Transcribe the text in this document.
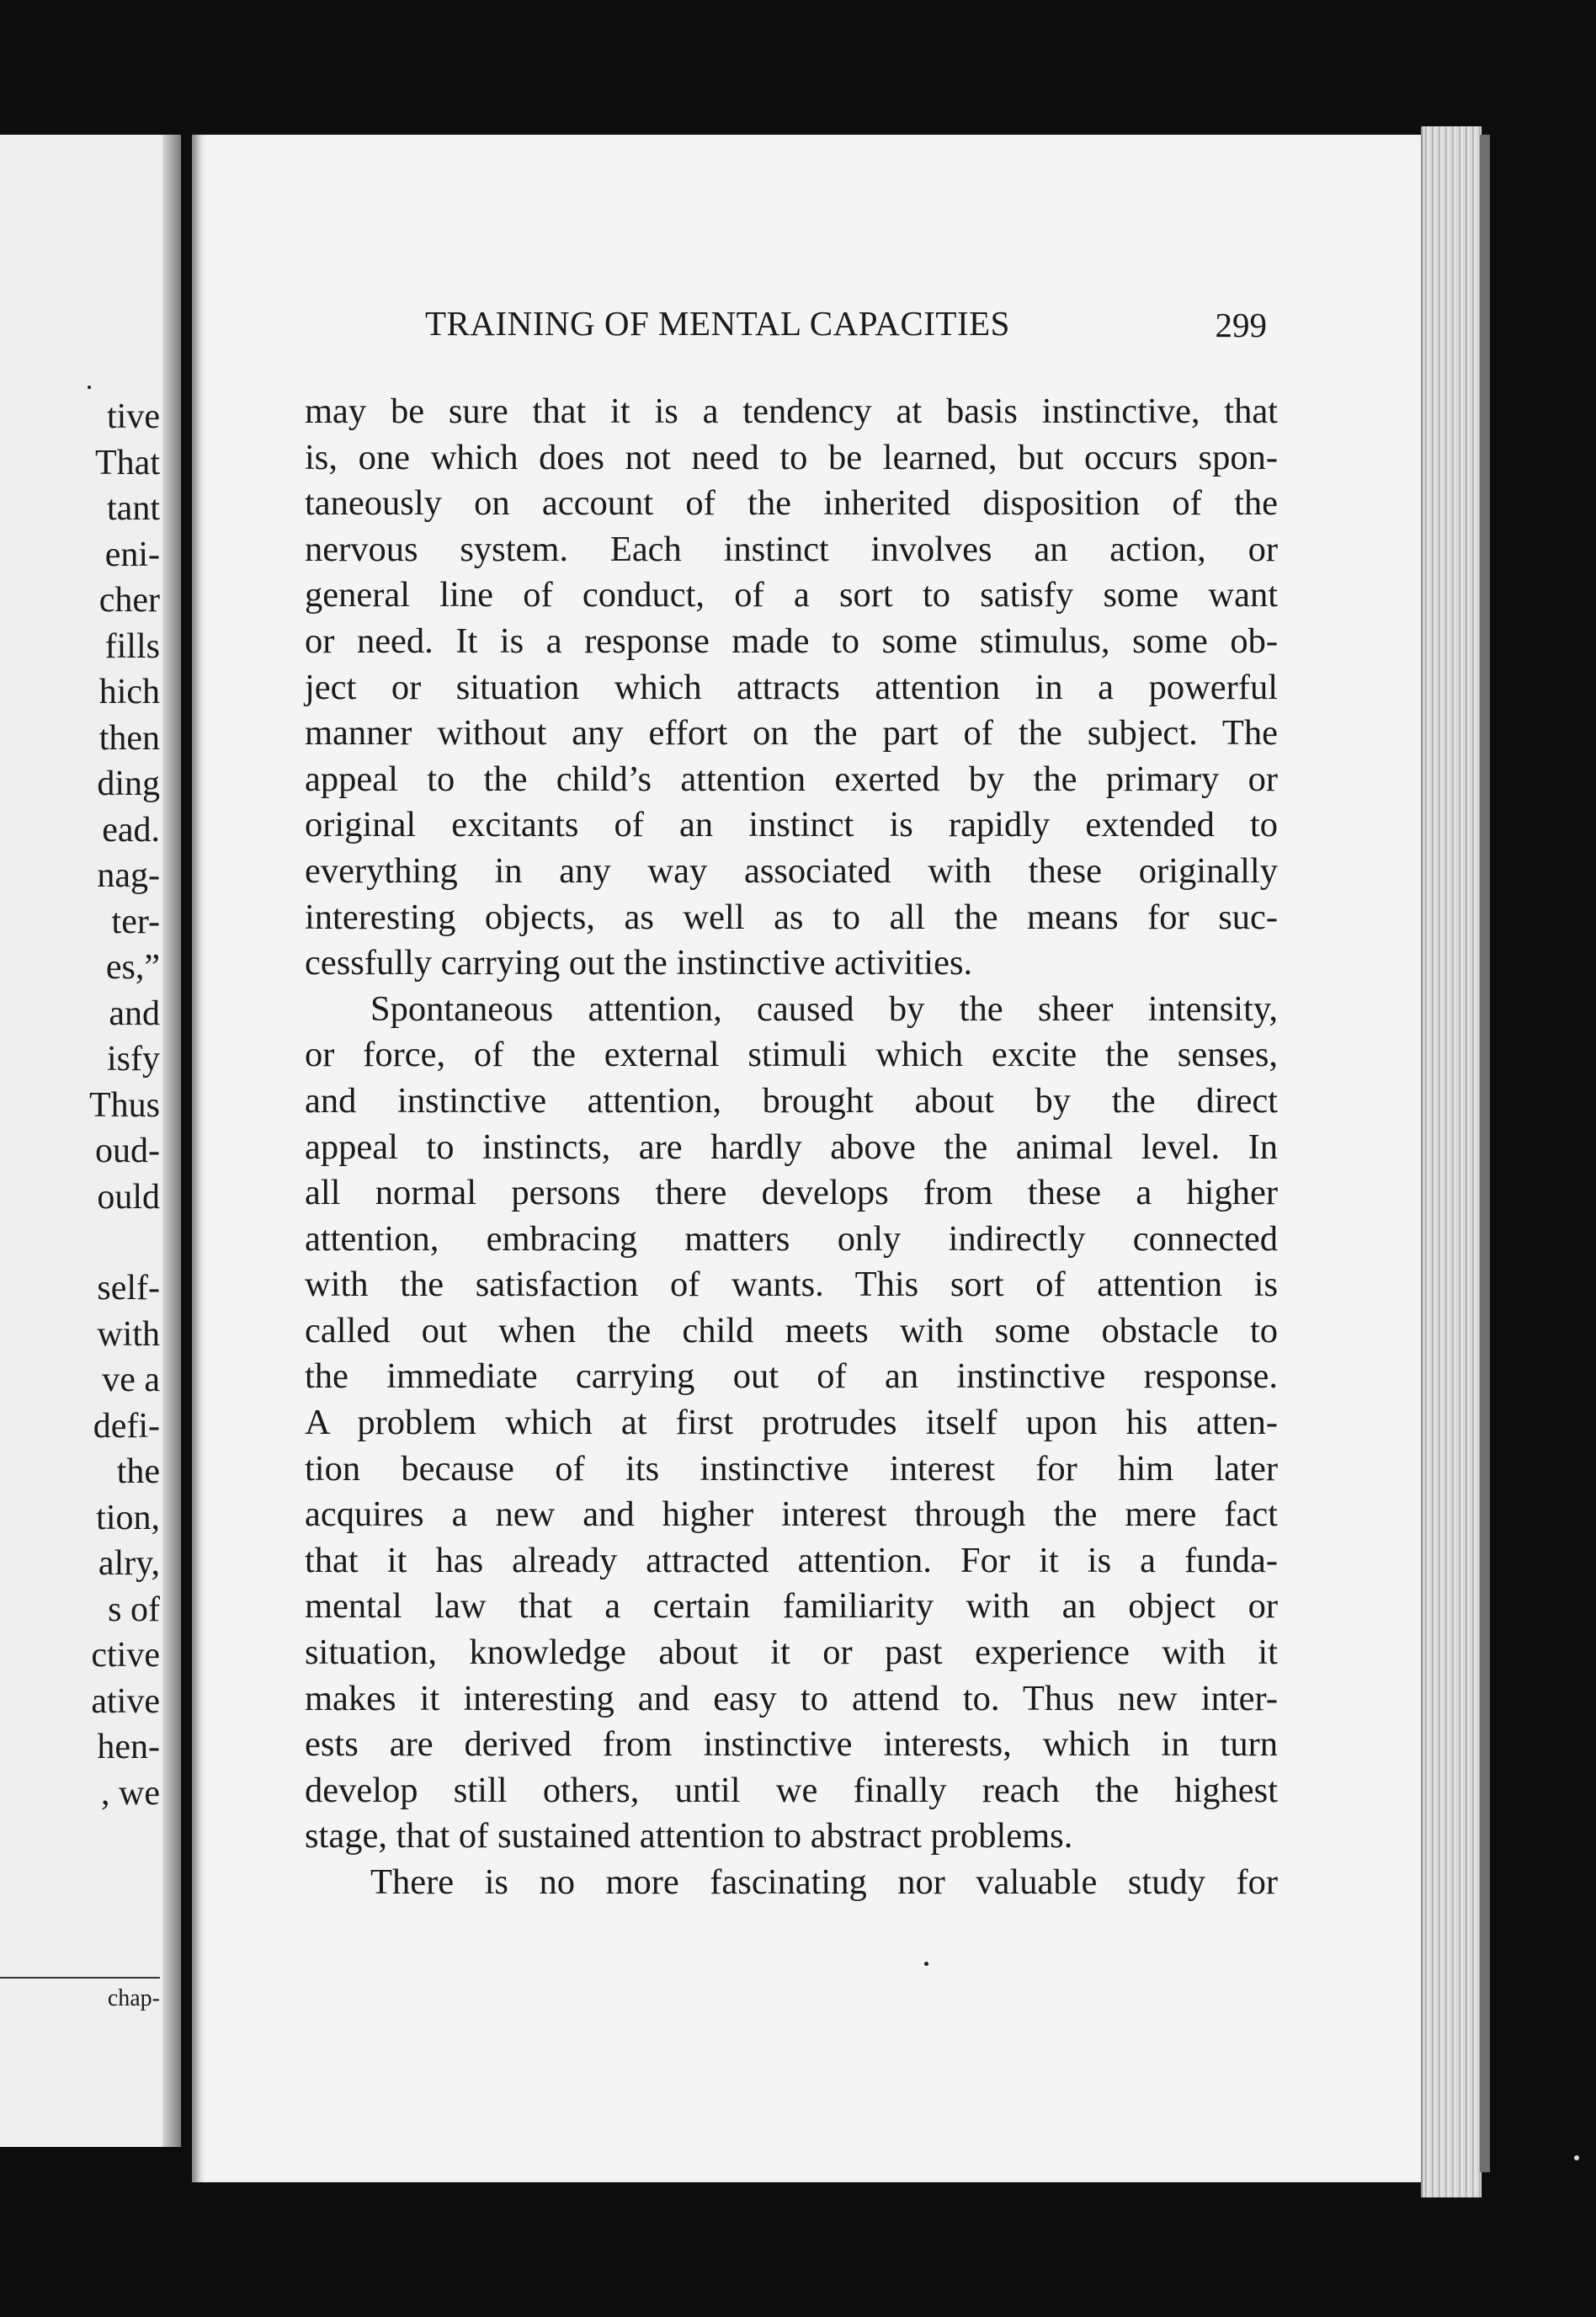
tive
That
tant
eni-
cher
fills
hich
then
ding
ead.
nag-
ter-
es,”
and
isfy
Thus
oud-
ould
self-
with
ve a
defi-
the
tion,
alry,
s of
ctive
ative
hen-
, we
chap-
TRAINING OF MENTAL CAPACITIES	299
may be sure that it is a tendency at basis instinctive, that
is, one which does not need to be learned, but occurs spon-
taneously on account of the inherited disposition of the
nervous system. Each instinct involves an action, or
general line of conduct, of a sort to satisfy some want
or need. It is a response made to some stimulus, some ob-
ject or situation which attracts attention in a powerful
manner without any effort on the part of the subject. The
appeal to the child’s attention exerted by the primary or
original excitants of an instinct is rapidly extended to
everything in any way associated with these originally
interesting objects, as well as to all the means for suc-
cessfully carrying out the instinctive activities.
Spontaneous attention, caused by the sheer intensity,
or force, of the external stimuli which excite the senses,
and instinctive attention, brought about by the direct
appeal to instincts, are hardly above the animal level. In
all normal persons there develops from these a higher
attention, embracing matters only indirectly connected
with the satisfaction of wants. This sort of attention is
called out when the child meets with some obstacle to
the immediate carrying out of an instinctive response.
A problem which at first protrudes itself upon his atten-
tion because of its instinctive interest for him later
acquires a new and higher interest through the mere fact
that it has already attracted attention. For it is a funda-
mental law that a certain familiarity with an object or
situation, knowledge about it or past experience with it
makes it interesting and easy to attend to. Thus new inter-
ests are derived from instinctive interests, which in turn
develop still others, until we finally reach the highest
stage, that of sustained attention to abstract problems.
There is no more fascinating nor valuable study for
